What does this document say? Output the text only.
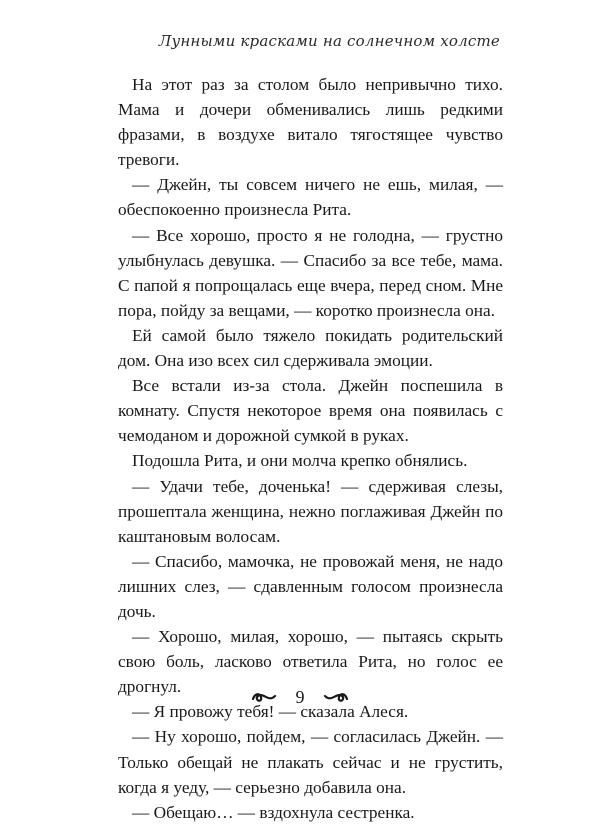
Лунными красками на солнечном холсте

На этот раз за столом было непривычно тихо. Мама и дочери обменивались лишь редкими фразами, в воздухе витало тягостящее чувство тревоги.

— Джейн, ты совсем ничего не ешь, милая, — обеспокоенно произнесла Рита.

— Все хорошо, просто я не голодна, — грустно улыбнулась девушка. — Спасибо за все тебе, мама. С папой я попрощалась еще вчера, перед сном. Мне пора, пойду за вещами, — коротко произнесла она.

Ей самой было тяжело покидать родительский дом. Она изо всех сил сдерживала эмоции.

Все встали из-за стола. Джейн поспешила в комнату. Спустя некоторое время она появилась с чемоданом и дорожной сумкой в руках.

Подошла Рита, и они молча крепко обнялись.

— Удачи тебе, доченька! — сдерживая слезы, прошептала женщина, нежно поглаживая Джейн по каштановым волосам.

— Спасибо, мамочка, не провожай меня, не надо лишних слез, — сдавленным голосом произнесла дочь.

— Хорошо, милая, хорошо, — пытаясь скрыть свою боль, ласково ответила Рита, но голос ее дрогнул.

— Я провожу тебя! — сказала Алеся.

— Ну хорошо, пойдем, — согласилась Джейн. — Только обещай не плакать сейчас и не грустить, когда я уеду, — серьезно добавила она.

— Обещаю… — вздохнула сестренка.

9
